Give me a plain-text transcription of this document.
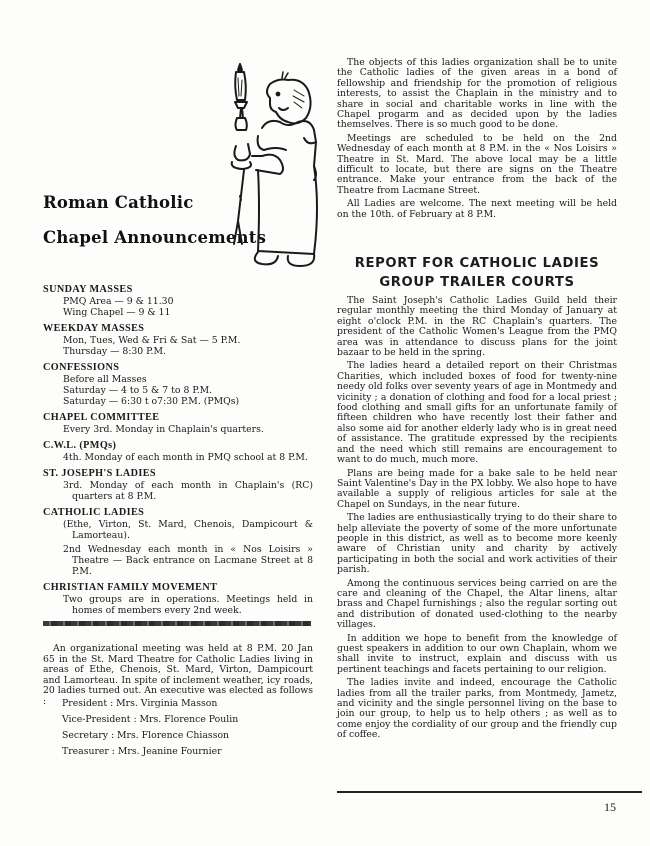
Roman Catholic
Chapel Announcements
SUNDAY MASSES
PMQ Area — 9 & 11.30
Wing Chapel — 9 & 11
WEEKDAY MASSES
Mon, Tues, Wed & Fri & Sat — 5 P.M.
Thursday — 8:30 P.M.
CONFESSIONS
Before all Masses
Saturday — 4 to 5 & 7 to 8 P.M.
Saturday — 6:30 t o7:30 P.M. (PMQs)
CHAPEL COMMITTEE
Every 3rd. Monday in Chaplain's quarters.
C.W.L. (PMQs)
4th. Monday of each month in PMQ school at 8 P.M.
ST. JOSEPH'S LADIES
3rd. Monday of each month in Chaplain's (RC) quarters at 8 P.M.
CATHOLIC LADIES
(Ethe, Virton, St. Mard, Chenois, Dampicourt & Lamorteau).
2nd Wednesday each month in « Nos Loisirs » Theatre — Back entrance on Lacmane Street at 8 P.M.
CHRISTIAN FAMILY MOVEMENT
Two groups are in operations. Meetings held in homes of members every 2nd week.
An organizational meeting was held at 8 P.M. 20 Jan 65 in the St. Mard Theatre for Catholic Ladies living in areas of Ethe, Chenois, St. Mard, Virton, Dampicourt and Lamorteau. In spite of inclement weather, icy roads, 20 ladies turned out. An executive was elected as follows :	President : Mrs. Virginia Masson
Vice-President : Mrs. Florence Poulin
Secretary : Mrs. Florence Chiasson
Treasurer : Mrs. Jeanine Fournier

The objects of this ladies organization shall be to unite the Catholic ladies of the given areas in a bond of fellowship and friendship for the promotion of religious interests, to assist the Chaplain in the ministry and to share in social and charitable works in line with the Chapel progarm and as decided upon by the ladies themselves. There is so much good to be done.

Meetings are scheduled to be held on the 2nd Wednesday of each month at 8 P.M. in the « Nos Loisirs » Theatre in St. Mard. The above local may be a little difficult to locate, but there are signs on the Theatre entrance. Make your entrance from the back of the Theatre from Lacmane Street.

All Ladies are welcome. The next meeting will be held on the 10th. of February at 8 P.M.

REPORT FOR CATHOLIC LADIES
GROUP TRAILER COURTS

The Saint Joseph's Catholic Ladies Guild held their regular monthly meeting the third Monday of January at eight o'clock P.M. in the RC Chaplain's quarters. The president of the Catholic Women's League from the PMQ area was in attendance to discuss plans for the joint bazaar to be held in the spring.

The ladies heard a detailed report on their Christmas Charities, which included boxes of food for twenty-nine needy old folks over seventy years of age in Montmedy and vicinity ; a donation of clothing and food for a local priest ; food clothing and small gifts for an unfortunate family of fifteen children who have recently lost their father and also some aid for another elderly lady who is in great need of assistance. The gratitude expressed by the recipients and the need which still remains are encouragement to want to do much, much more.

Plans are being made for a bake sale to be held near Saint Valentine's Day in the PX lobby. We also hope to have available a supply of religious articles for sale at the Chapel on Sundays, in the near future.

The ladies are enthusiastically trying to do their share to help alleviate the poverty of some of the more unfortunate people in this district, as well as to become more keenly aware of Christian unity and charity by actively participating in both the social and work activities of their parish.

Among the continuous services being carried on are the care and cleaning of the Chapel, the Altar linens, altar brass and Chapel furnishings ; also the regular sorting out and distribution of donated used-clothing to the nearby villages.

In addition we hope to benefit from the knowledge of guest speakers in addition to our own Chaplain, whom we shall invite to instruct, explain and discuss with us pertinent teachings and facets pertaining to our religion.

The ladies invite and indeed, encourage the Catholic ladies from all the trailer parks, from Montmedy, Jametz, and vicinity and the single personnel living on the base to join our group, to help us to help others ; as well as to come enjoy the cordiality of our group and the friendly cup of coffee.

15
